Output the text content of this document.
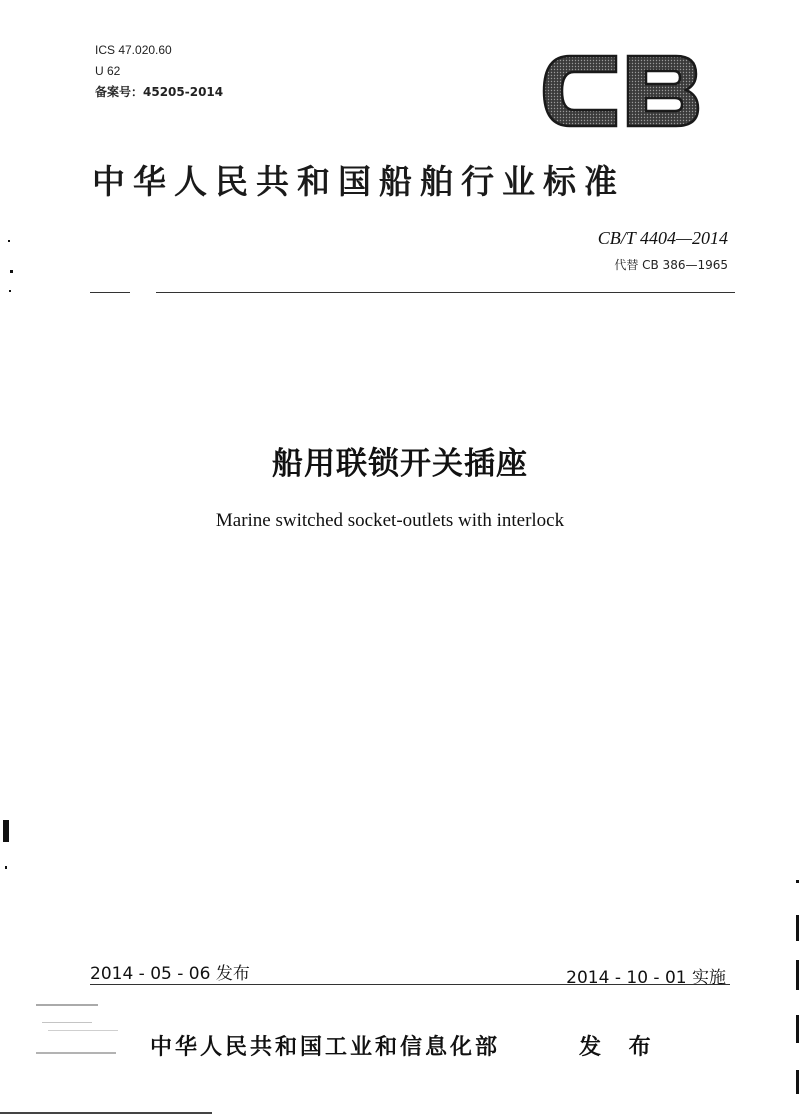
ICS 47.020.60
U 62
备案号：45205-2014
中华人民共和国船舶行业标准
CB/T 4404—2014
代替 CB 386—1965
船用联锁开关插座
Marine switched socket-outlets with interlock
2014 - 05 - 06 发布	2014 - 10 - 01 实施
中华人民共和国工业和信息化部	发 布
